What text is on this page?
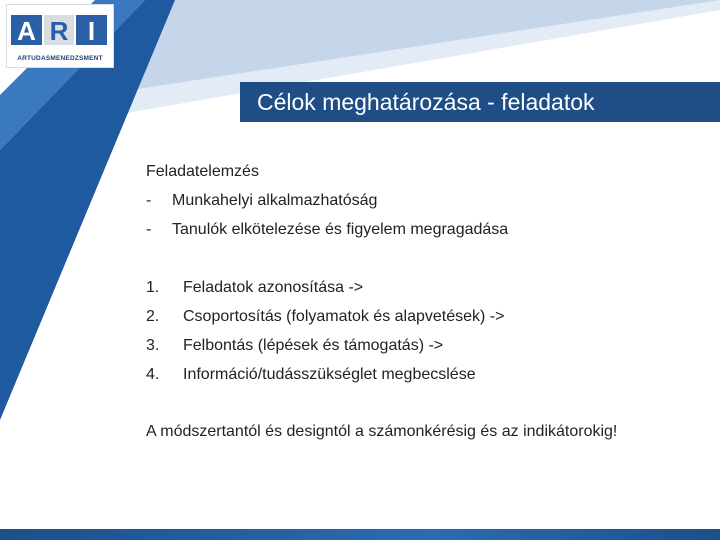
A R I
ARTUDASMENEDZSMENT
Célok meghatározása - feladatok
Feladatelemzés
- Munkahelyi alkalmazhatóság
- Tanulók elkötelezése és figyelem megragadása
1. Feladatok azonosítása ->
2. Csoportosítás (folyamatok és alapvetések) ->
3. Felbontás (lépések és támogatás) ->
4. Információ/tudásszükséglet megbecslése
A módszertantól és designtól a számonkérésig és az indikátorokig!
